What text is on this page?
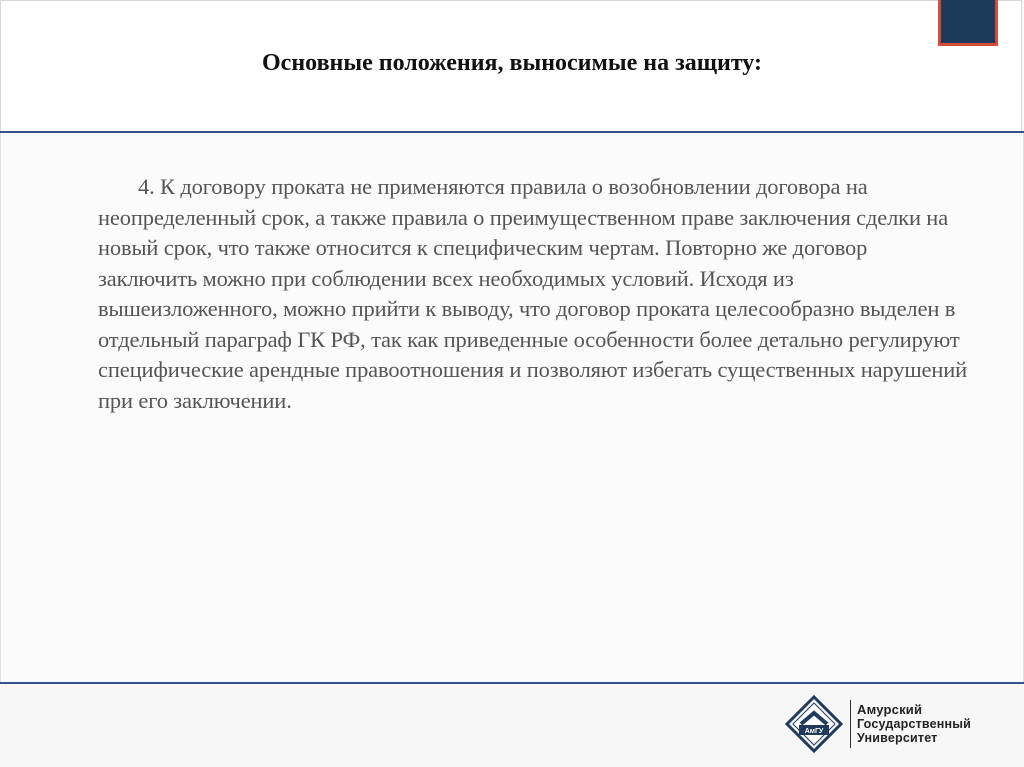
Основные положения, выносимые на защиту:
4. К договору проката не применяются правила о возобновлении договора на неопределенный срок, а также правила о преимущественном праве заключения сделки на новый срок, что также относится к специфическим чертам. Повторно же договор заключить можно при соблюдении всех необходимых условий. Исходя из вышеизложенного, можно прийти к выводу, что договор проката целесообразно выделен в отдельный параграф ГК РФ, так как приведенные особенности более детально регулируют специфические арендные правоотношения и позволяют избегать существенных нарушений при его заключении.
АмГУ
Амурский
Государственный
Университет
